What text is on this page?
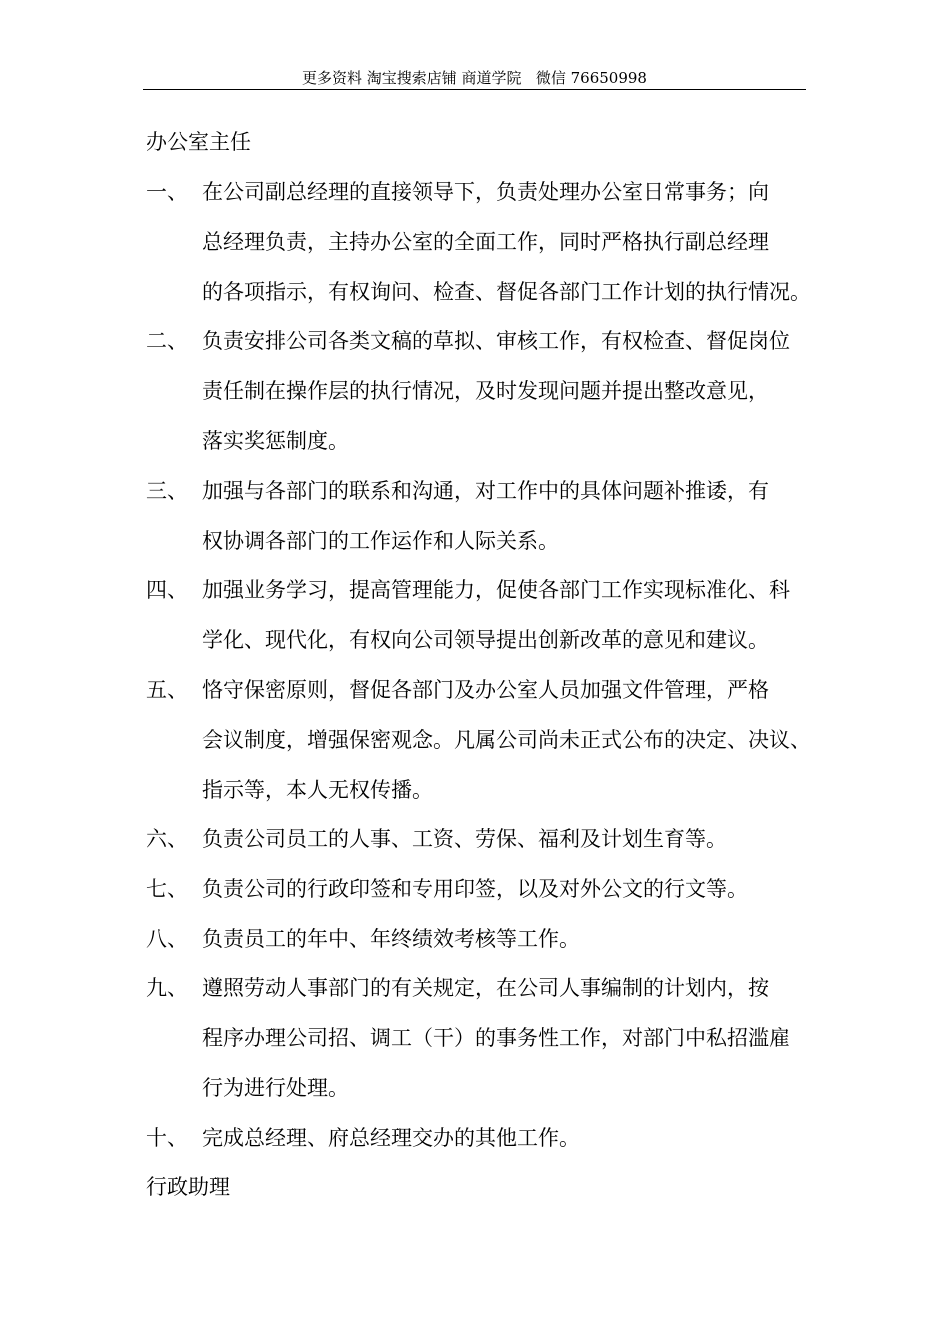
更多资料 淘宝搜索店铺 商道学院   微信 76650998
办公室主任
一、 在公司副总经理的直接领导下，负责处理办公室日常事务；向
总经理负责，主持办公室的全面工作，同时严格执行副总经理
的各项指示，有权询问、检查、督促各部门工作计划的执行情况。
二、 负责安排公司各类文稿的草拟、审核工作，有权检查、督促岗位
责任制在操作层的执行情况，及时发现问题并提出整改意见，
落实奖惩制度。
三、 加强与各部门的联系和沟通，对工作中的具体问题补推诿，有
权协调各部门的工作运作和人际关系。
四、 加强业务学习，提高管理能力，促使各部门工作实现标准化、科
学化、现代化，有权向公司领导提出创新改革的意见和建议。
五、 恪守保密原则，督促各部门及办公室人员加强文件管理，严格
会议制度，增强保密观念。凡属公司尚未正式公布的决定、决议、
指示等，本人无权传播。
六、 负责公司员工的人事、工资、劳保、福利及计划生育等。
七、 负责公司的行政印签和专用印签，以及对外公文的行文等。
八、 负责员工的年中、年终绩效考核等工作。
九、 遵照劳动人事部门的有关规定，在公司人事编制的计划内，按
程序办理公司招、调工（干）的事务性工作，对部门中私招滥雇
行为进行处理。
十、 完成总经理、府总经理交办的其他工作。
行政助理
